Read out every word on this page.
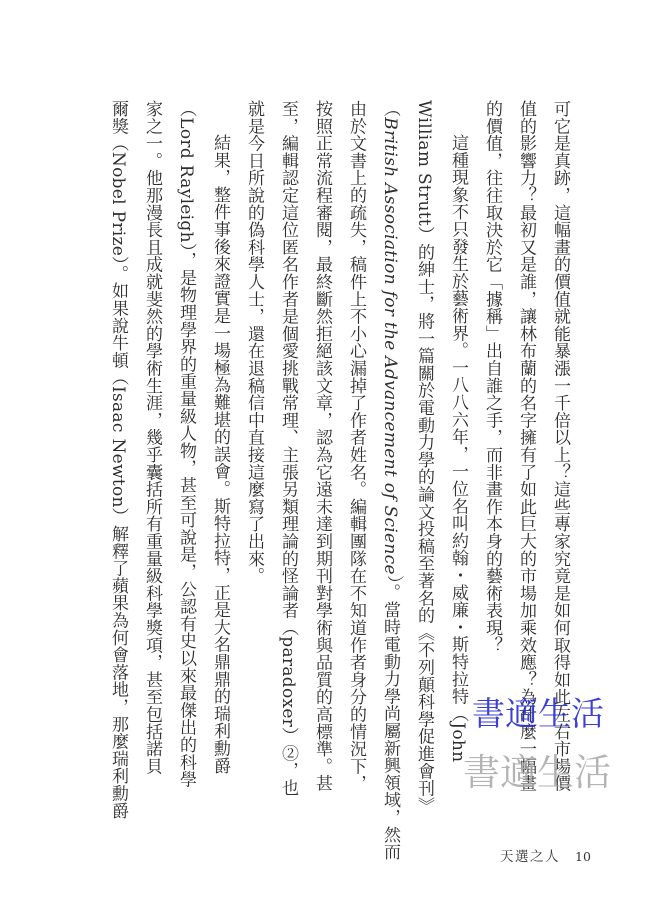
可它是真跡，這幅畫的價值就能暴漲一千倍以上？這些專家究竟是如何取得如此左右市場價
值的影響力？最初又是誰，讓林布蘭的名字擁有了如此巨大的市場加乘效應？為什麼一幅畫
的價值，往往取決於它「據稱」出自誰之手，而非畫作本身的藝術表現？
這種現象不只發生於藝術界。一八八六年，一位名叫約翰・威廉・斯特拉特（John
William Strutt）的紳士，將一篇關於電動力學的論文投稿至著名的《不列顛科學促進會刊》
（British Association for the Advancement of Science）。當時電動力學尚屬新興領域，然而
由於文書上的疏失，稿件上不小心漏掉了作者姓名。編輯團隊在不知道作者身分的情況下，
按照正常流程審閱，最終斷然拒絕該文章，認為它遠未達到期刊對學術與品質的高標準。甚
至，編輯認定這位匿名作者是個愛挑戰常理、主張另類理論的怪論者（paradoxer）②，也
就是今日所說的偽科學人士，還在退稿信中直接這麼寫了出來。
結果，整件事後來證實是一場極為難堪的誤會。斯特拉特，正是大名鼎鼎的瑞利勳爵
（Lord Rayleigh），是物理學界的重量級人物，甚至可說是，公認有史以來最傑出的科學
家之一。他那漫長且成就斐然的學術生涯，幾乎囊括所有重量級科學獎項，甚至包括諾貝
爾獎（Nobel Prize）。如果說牛頓（Isaac Newton）解釋了蘋果為何會落地，那麼瑞利勳爵	書適生活
書適生活
天選之人 10
